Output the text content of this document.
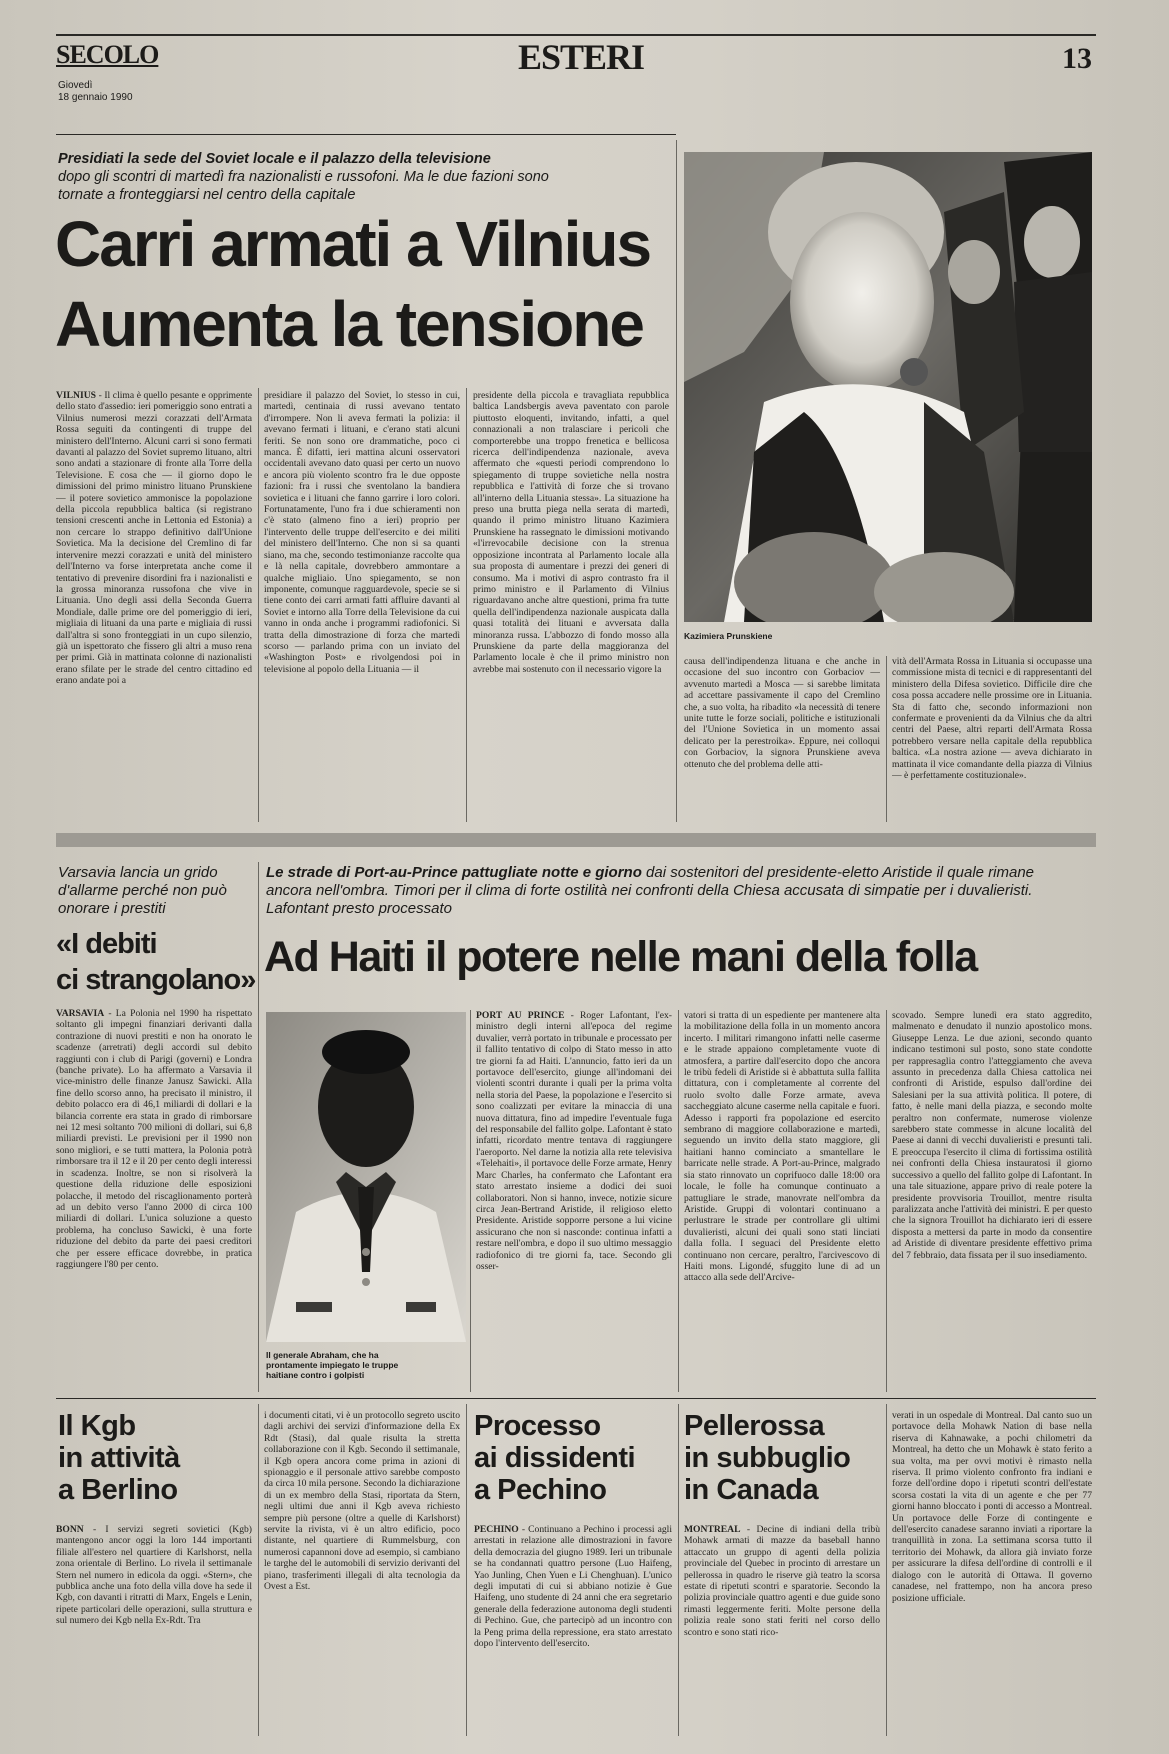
SECOLO
Giovedì
18 gennaio 1990
ESTERI	13
Presidiati la sede del Soviet locale e il palazzo della televisione
dopo gli scontri di martedì fra nazionalisti e russofoni. Ma le due fazioni sono tornate a fronteggiarsi nel centro della capitale
Carri armati a Vilnius
Aumenta la tensione
VILNIUS - Il clima è quello pesante e opprimente dello stato d'assedio: ieri pomeriggio sono entrati a Vilnius numerosi mezzi corazzati dell'Armata Rossa seguiti da contingenti di truppe del ministero dell'Interno. Alcuni carri si sono fermati davanti al palazzo del Soviet supremo lituano, altri sono andati a stazionare di fronte alla Torre della Televisione. E cosa che — il giorno dopo le dimissioni del primo ministro lituano Prunskiene — il potere sovietico ammonisce la popolazione della piccola repubblica baltica (si registrano tensioni crescenti anche in Lettonia ed Estonia) a non cercare lo strappo definitivo dall'Unione Sovietica. Ma la decisione del Cremlino di far intervenire mezzi corazzati e unità del ministero dell'Interno va forse interpretata anche come il tentativo di prevenire disordini fra i nazionalisti e la grossa minoranza russofona che vive in Lituania. Uno degli assi della Seconda Guerra Mondiale, dalle prime ore del pomeriggio di ieri, migliaia di lituani da una parte e migliaia di russi dall'altra si sono fronteggiati in un cupo silenzio, già un ispettorato che fissero gli altri a muso rena per primi. Già in mattinata colonne di nazionalisti erano sfilate per le strade del centro cittadino ed erano andate poi a
presidiare il palazzo del Soviet, lo stesso in cui, martedì, centinaia di russi avevano tentato d'irrompere. Non li aveva fermati la polizia: il avevano fermati i lituani, e c'erano stati alcuni feriti. Se non sono ore drammatiche, poco ci manca. È difatti, ieri mattina alcuni osservatori occidentali avevano dato quasi per certo un nuovo e ancora più violento scontro fra le due opposte fazioni: fra i russi che sventolano la bandiera sovietica e i lituani che fanno garrire i loro colori. Fortunatamente, l'uno fra i due schieramenti non c'è stato (almeno fino a ieri) proprio per l'intervento delle truppe dell'esercito e dei militi del ministero dell'Interno. Che non si sa quanti siano, ma che, secondo testimonianze raccolte qua e là nella capitale, dovrebbero ammontare a qualche migliaio. Uno spiegamento, se non imponente, comunque ragguardevole, specie se si tiene conto dei carri armati fatti affluire davanti al Soviet e intorno alla Torre della Televisione da cui vanno in onda anche i programmi radiofonici. Si tratta della dimostrazione di forza che martedì scorso — parlando prima con un inviato del «Washington Post» e rivolgendosi poi in televisione al popolo della Lituania — il
presidente della piccola e travagliata repubblica baltica Landsbergis aveva paventato con parole piuttosto eloquenti, invitando, infatti, a quel connazionali a non tralasciare i pericoli che comporterebbe una troppo frenetica e bellicosa ricerca dell'indipendenza nazionale, aveva affermato che «questi periodi comprendono lo spiegamento di truppe sovietiche nella nostra repubblica e l'attività di forze che si trovano all'interno della Lituania stessa». La situazione ha preso una brutta piega nella serata di martedì, quando il primo ministro lituano Kazimiera Prunskiene ha rassegnato le dimissioni motivando «l'irrevocabile decisione con la strenua opposizione incontrata al Parlamento locale alla sua proposta di aumentare i prezzi dei generi di consumo. Ma i motivi di aspro contrasto fra il primo ministro e il Parlamento di Vilnius riguardavano anche altre questioni, prima fra tutte quella dell'indipendenza nazionale auspicata dalla quasi totalità dei lituani e avversata dalla minoranza russa. L'abbozzo di fondo mosso alla Prunskiene da parte della maggioranza del Parlamento locale è che il primo ministro non avrebbe mai sostenuto con il necessario vigore la
Kazimiera Prunskiene
causa dell'indipendenza lituana e che anche in occasione del suo incontro con Gorbaciov — avvenuto martedì a Mosca — si sarebbe limitata ad accettare passivamente il capo del Cremlino che, a suo volta, ha ribadito «la necessità di tenere unite tutte le forze sociali, politiche e istituzionali del l'Unione Sovietica in un momento assai delicato per la perestroika». Eppure, nei colloqui con Gorbaciov, la signora Prunskiene aveva ottenuto che del problema delle atti-
vità dell'Armata Rossa in Lituania si occupasse una commissione mista di tecnici e di rappresentanti del ministero della Difesa sovietico. Difficile dire che cosa possa accadere nelle prossime ore in Lituania. Sta di fatto che, secondo informazioni non confermate e provenienti da da Vilnius che da altri centri del Paese, altri reparti dell'Armata Rossa potrebbero versare nella capitale della repubblica baltica. «La nostra azione — aveva dichiarato in mattinata il vice comandante della piazza di Vilnius — è perfettamente costituzionale».
Varsavia lancia un grido d'allarme perché non può onorare i prestiti
«I debiti
ci strangolano»
VARSAVIA - La Polonia nel 1990 ha rispettato soltanto gli impegni finanziari derivanti dalla contrazione di nuovi prestiti e non ha onorato le scadenze (arretrati) degli accordi sul debito raggiunti con i club di Parigi (governi) e Londra (banche private). Lo ha affermato a Varsavia il vice-ministro delle finanze Janusz Sawicki. Alla fine dello scorso anno, ha precisato il ministro, il debito polacco era di 46,1 miliardi di dollari e la bilancia corrente era stata in grado di rimborsare nei 12 mesi soltanto 700 milioni di dollari, sui 6,8 miliardi previsti. Le previsioni per il 1990 non sono migliori, e se tutti mattera, la Polonia potrà rimborsare tra il 12 e il 20 per cento degli interessi in scadenza. Inoltre, se non si risolverà la questione della riduzione delle esposizioni polacche, il metodo del riscaglionamento porterà ad un debito verso l'anno 2000 di circa 100 miliardi di dollari. L'unica soluzione a questo problema, ha concluso Sawicki, è una forte riduzione del debito da parte dei paesi creditori che per essere efficace dovrebbe, in pratica raggiungere l'80 per cento.
Le strade di Port-au-Prince pattugliate notte e giorno dai sostenitori del presidente-eletto Aristide il quale rimane ancora nell'ombra. Timori per il clima di forte ostilità nei confronti della Chiesa accusata di simpatie per i duvalieristi. Lafontant presto processato
Ad Haiti il potere nelle mani della folla
Il generale Abraham, che ha prontamente impiegato le truppe haitiane contro i golpisti
PORT AU PRINCE - Roger Lafontant, l'ex-ministro degli interni all'epoca del regime duvalier, verrà portato in tribunale e processato per il fallito tentativo di colpo di Stato messo in atto tre giorni fa ad Haiti. L'annuncio, fatto ieri da un portavoce dell'esercito, giunge all'indomani dei violenti scontri durante i quali per la prima volta nella storia del Paese, la popolazione e l'esercito si sono coalizzati per evitare la minaccia di una nuova dittatura, fino ad impedire l'eventuale fuga del responsabile del fallito golpe. Lafontant è stato infatti, ricordato mentre tentava di raggiungere l'aeroporto. Nel darne la notizia alla rete televisiva «Telehaiti», il portavoce delle Forze armate, Henry Marc Charles, ha confermato che Lafontant era stato arrestato insieme a dodici dei suoi collaboratori. Non si hanno, invece, notizie sicure circa Jean-Bertrand Aristide, il religioso eletto Presidente. Aristide sopporre persone a lui vicine assicurano che non si nasconde: continua infatti a restare nell'ombra, e dopo il suo ultimo messaggio radiofonico di tre giorni fa, tace. Secondo gli osser-
vatori si tratta di un espediente per mantenere alta la mobilitazione della folla in un momento ancora incerto. I militari rimangono infatti nelle caserme e le strade appaiono completamente vuote di atmosfera, a partire dall'esercito dopo che ancora le tribù fedeli di Aristide si è abbattuta sulla fallita dittatura, con i completamente al corrente del ruolo svolto dalle Forze armate, aveva saccheggiato alcune caserme nella capitale e fuori. Adesso i rapporti fra popolazione ed esercito sembrano di maggiore collaborazione e martedì, seguendo un invito della stato maggiore, gli haitiani hanno cominciato a smantellare le barricate nelle strade. A Port-au-Prince, malgrado sia stato rinnovato un coprifuoco dalle 18:00 ora locale, le folle ha comunque continuato a pattugliare le strade, manovrate nell'ombra da Aristide. Gruppi di volontari continuano a perlustrare le strade per controllare gli ultimi duvalieristi, alcuni dei quali sono stati linciati dalla folla. I seguaci del Presidente eletto continuano non cercare, peraltro, l'arcivescovo di Haiti mons. Ligondé, sfuggito lune di ad un attacco alla sede dell'Arcive-
scovado. Sempre lunedì era stato aggredito, malmenato e denudato il nunzio apostolico mons. Giuseppe Lenza. Le due azioni, secondo quanto indicano testimoni sul posto, sono state condotte per rappresaglia contro l'atteggiamento che aveva assunto in precedenza dalla Chiesa cattolica nei confronti di Aristide, espulso dall'ordine dei Salesiani per la sua attività politica. Il potere, di fatto, è nelle mani della piazza, e secondo molte peraltro non confermate, numerose violenze sarebbero state commesse in alcune località del Paese ai danni di vecchi duvalieristi e presunti tali. E preoccupa l'esercito il clima di fortissima ostilità nei confronti della Chiesa instauratosi il giorno successivo a quello del fallito golpe di Lafontant. In una tale situazione, appare privo di reale potere la presidente provvisoria Trouillot, mentre risulta paralizzata anche l'attività dei ministri. E per questo che la signora Trouillot ha dichiarato ieri di essere disposta a mettersi da parte in modo da consentire ad Aristide di diventare presidente effettivo prima del 7 febbraio, data fissata per il suo insediamento.
Il Kgb
in attività
a Berlino
BONN - I servizi segreti sovietici (Kgb) mantengono ancor oggi la loro 144 importanti filiale all'estero nel quartiere di Karlshorst, nella zona orientale di Berlino. Lo rivela il settimanale Stern nel numero in edicola da oggi. «Stern», che pubblica anche una foto della villa dove ha sede il Kgb, con davanti i ritratti di Marx, Engels e Lenin, ripete particolari delle operazioni, sulla struttura e sul numero dei Kgb nella Ex-Rdt. Tra
i documenti citati, vi è un protocollo segreto uscito dagli archivi dei servizi d'informazione della Ex Rdt (Stasi), dal quale risulta la stretta collaborazione con il Kgb. Secondo il settimanale, il Kgb opera ancora come prima in azioni di spionaggio e il personale attivo sarebbe composto da circa 10 mila persone. Secondo la dichiarazione di un ex membro della Stasi, riportata da Stern, negli ultimi due anni il Kgb aveva richiesto sempre più persone (oltre a quelle di Karlshorst) servite la rivista, vi è un altro edificio, poco distante, nel quartiere di Rummelsburg, con numerosi capannoni dove ad esempio, si cambiano le targhe del le automobili di servizio derivanti del piano, trasferimenti illegali di alta tecnologia da Ovest a Est.
Processo
ai dissidenti
a Pechino
PECHINO - Continuano a Pechino i processi agli arrestati in relazione alle dimostrazioni in favore della democrazia del giugno 1989. Ieri un tribunale se ha condannati quattro persone (Luo Haifeng, Yao Junling, Chen Yuen e Li Chenghuan). L'unico degli imputati di cui si abbiano notizie è Gue Haifeng, uno studente di 24 anni che era segretario generale della federazione autonoma degli studenti di Pechino. Gue, che partecipò ad un incontro con la Peng prima della repressione, era stato arrestato dopo l'intervento dell'esercito.
Pellerossa
in subbuglio
in Canada
MONTREAL - Decine di indiani della tribù Mohawk armati di mazze da baseball hanno attaccato un gruppo di agenti della polizia provinciale del Quebec in procinto di arrestare un pellerossa in quadro le riserve già teatro la scorsa estate di ripetuti scontri e sparatorie. Secondo la polizia provinciale quattro agenti e due guide sono rimasti leggermente feriti. Molte persone della polizia reale sono stati feriti nel corso dello scontro e sono stati rico-
verati in un ospedale di Montreal. Dal canto suo un portavoce della Mohawk Nation di base nella riserva di Kahnawake, a pochi chilometri da Montreal, ha detto che un Mohawk è stato ferito a sua volta, ma per ovvi motivi è rimasto nella riserva. Il primo violento confronto fra indiani e forze dell'ordine dopo i ripetuti scontri dell'estate scorsa costati la vita di un agente e che per 77 giorni hanno bloccato i ponti di accesso a Montreal. Un portavoce delle Forze di contingente e dell'esercito canadese saranno inviati a riportare la tranquillità in zona. La settimana scorsa tutto il territorio dei Mohawk, da allora già inviato forze per assicurare la difesa dell'ordine di controlli e il dialogo con le autorità di Ottawa. Il governo canadese, nel frattempo, non ha ancora preso posizione ufficiale.
